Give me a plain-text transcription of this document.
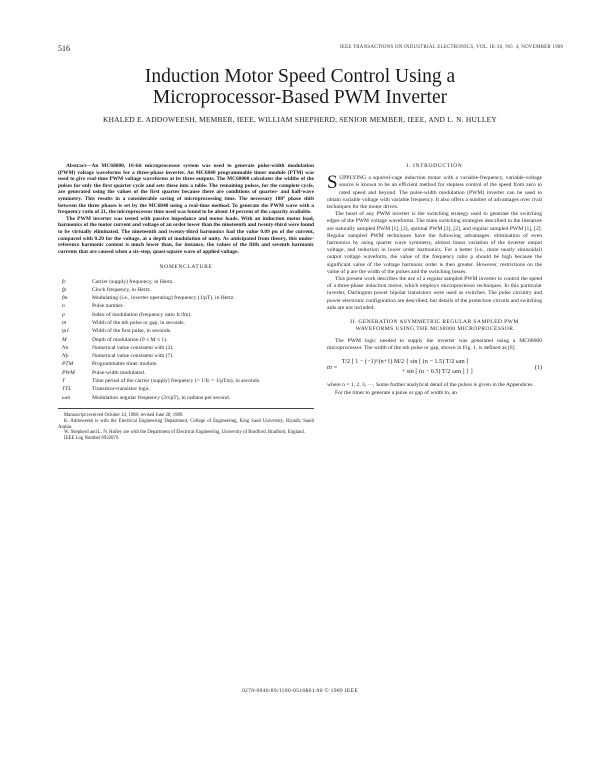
516	IEEE TRANSACTIONS ON INDUSTRIAL ELECTRONICS, VOL. IE-36, NO. 4, NOVEMBER 1989
Induction Motor Speed Control Using a
Microprocessor-Based PWM Inverter
KHALED E. ADDOWEESH, MEMBER, IEEE, WILLIAM SHEPHERD, SENIOR MEMBER, IEEE, AND L. N. HULLEY

Abstract—An MC68000, 16-bit microprocessor system was used to generate pulse-width modulation (PWM) voltage waveforms for a three-phase inverter. An MC6840 programmable timer module (PTM) was used to give real-time PWM voltage waveforms at its three outputs. The MC68000 calculates the widths of the pulses for only the first quarter cycle and sets these into a table. The remaining pulses, for the complete cycle, are generated using the values of the first quarter because there are conditions of quarter- and half-wave symmetry. This results in a considerable saving of microprocessing time. The necessary 180° phase shift between the three phases is set by the MC6840 using a real-time method. To generate the PWM wave with a frequency ratio of 21, the microprocessor time used was found to be about 14 percent of the capacity available.

The PWM inverter was tested with passive impedance and motor loads. With an induction motor load, harmonics of the motor current and voltage of an order lower than the nineteenth and twenty-third were found to be virtually eliminated. The nineteenth and twenty-third harmonics had the value 0.09 pu of the current, compared with 0.20 for the voltage, at a depth of modulation of unity. As anticipated from theory, this under-reference harmonic content is much lower than, for instance, the values of the fifth and seventh harmonic currents that are caused when a six-step, quasi-square wave of applied voltage.

NOMENCLATURE
fc	Carrier (supply) frequency, in Hertz.
fp	Clock frequency, in Hertz.
fm	Modulating (i.e., inverter operating) frequency (1/pT), in Hertz.
n	Pulse number.
p	Index of modulation (frequency ratio fc/fm).
tn	Width of the nth pulse or gap, in seconds.
tp1	Width of the first pulse, in seconds.
M	Depth of modulation (0 ≤ M ≤ 1).
Nn	Numerical value consistent with (2).
Np	Numerical value consistent with (7).
PTM	Programmable timer module.
PWM	Pulse-width modulated.
T	Time period of the carrier (supply) frequency (= 1/fc = 1/pTm), in seconds.
TTL	Transistor-transistor logic.
ωm	Modulation angular frequency (2π/pT), in radians per second.

Manuscript received October 14, 1988; revised June 28, 1989.

K. Addoweesh is with the Electrical Engineering Department, College of Engineering, King Saud University, Riyadh, Saudi Arabia.

W. Shepherd and L. N. Hulley are with the Department of Electrical Engineering, University of Bradford, Bradford, England.

IEEE Log Number 8932076.

I. INTRODUCTION

SUPPLYING a squirrel-cage induction motor with a variable-frequency, variable-voltage source is known to be an efficient method for stepless control of the speed from zero to rated speed and beyond. The pulse-width modulation (PWM) inverter can be used to obtain variable voltage with variable frequency. It also offers a number of advantages over rival techniques for the motor drives.

The heart of any PWM inverter is the switching strategy used to generate the switching edges of the PWM voltage waveforms. The main switching strategies described in the literature are naturally sampled PWM [1], [2], optimal PWM [3], [2], and regular sampled PWM [1], [2]. Regular sampled PWM techniques have the following advantages: elimination of even harmonics by using quarter wave symmetry, almost linear variation of the inverter output voltage, and reduction in lower order harmonics. For a better (i.e., more nearly sinusoidal) output voltage waveform, the value of the frequency ratio p should be high because the significant value of the voltage harmonic order is then greater. However, restrictions on the value of p are the width of the pulses and the switching losses.

This present work describes the use of a regular sampled PWM inverter to control the speed of a three-phase induction motor, which employs microprocessor techniques. In this particular inverter, Darlington power bipolar transistors were used as switches. The pulse circuitry and power electronic configuration are described, but details of the protection circuits and switching aids are not included.

II. GENERATION ASYMMETRIC REGULAR SAMPLED PWM
WAVEFORMS USING THE MC68000 MICROPROCESSOR

The PWM logic needed to supply the inverter was generated using a MC68000 microprocessor. The width of the nth pulse or gap, shown in Fig. 1, is defined as [8]

tn =
T/2 [ 1 − (−1)^(n+1) M/2 { sin [ (n − 1.5) T/2 ωm ]
+ sin [ (n − 0.5) T/2 ωm ] } ]
(1)

where n = 1, 2, 3, ···. Some further analytical detail of the pulses is given in the Appendices.

For the timer to generate a pulse or gap of width tn, an

0278-0046/89/1100-0516$01.00 © 1989 IEEE
